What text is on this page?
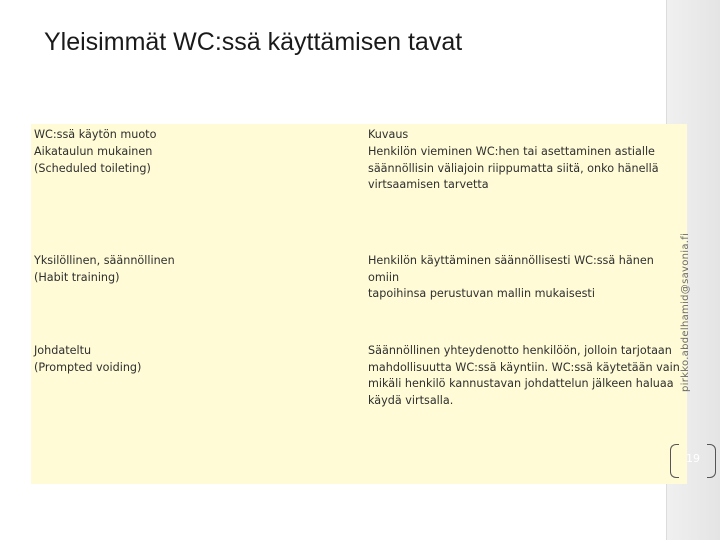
Yleisimmät WC:ssä käyttämisen tavat
WC:ssä käytön muoto	Kuvaus
Aikataulun mukainen
(Scheduled toileting)
Henkilön vieminen WC:hen tai asettaminen astialle
säännöllisin väliajoin riippumatta siitä, onko hänellä
virtsaamisen tarvetta
Yksilöllinen, säännöllinen
(Habit training)
Henkilön käyttäminen säännöllisesti WC:ssä hänen omiin
tapoihinsa perustuvan mallin mukaisesti
Johdateltu
(Prompted voiding)
Säännöllinen yhteydenotto henkilöön, jolloin tarjotaan
mahdollisuutta WC:ssä käyntiin. WC:ssä käytetään vain
mikäli henkilö kannustavan johdattelun jälkeen haluaa
käydä virtsalla.
pirkko.abdelhamid@savonia.fi
19
